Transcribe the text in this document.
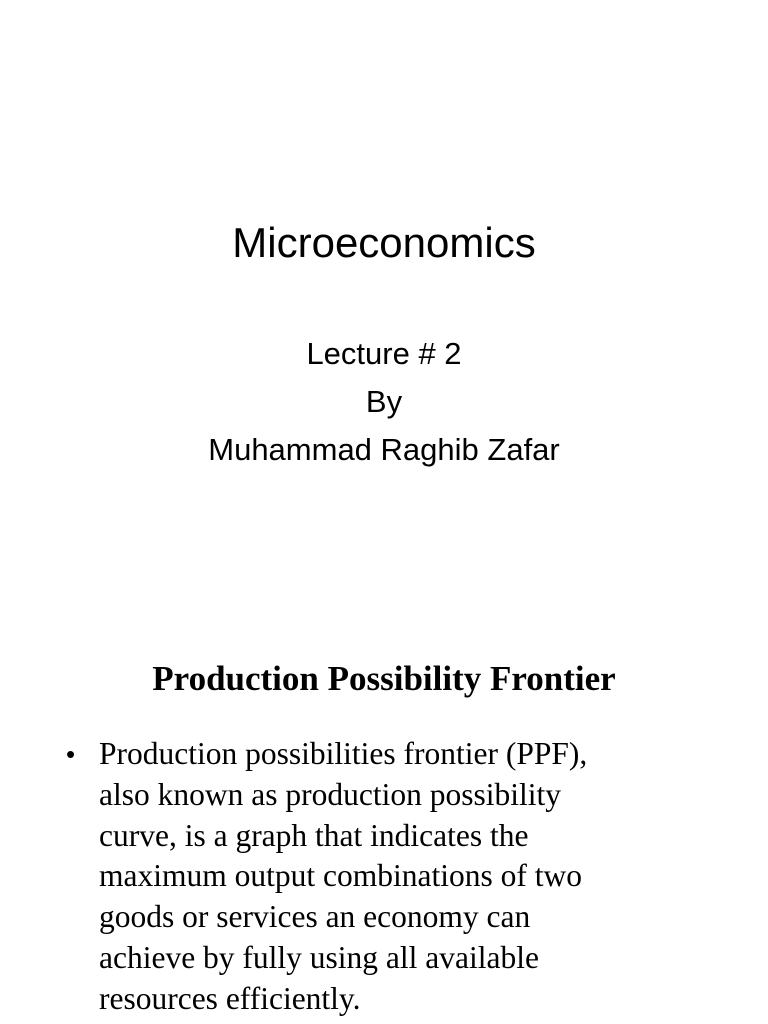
Microeconomics
Lecture # 2
By
Muhammad Raghib Zafar
Production Possibility Frontier
• Production possibilities frontier (PPF),
also known as production possibility
curve, is a graph that indicates the
maximum output combinations of two
goods or services an economy can
achieve by fully using all available
resources efficiently.
